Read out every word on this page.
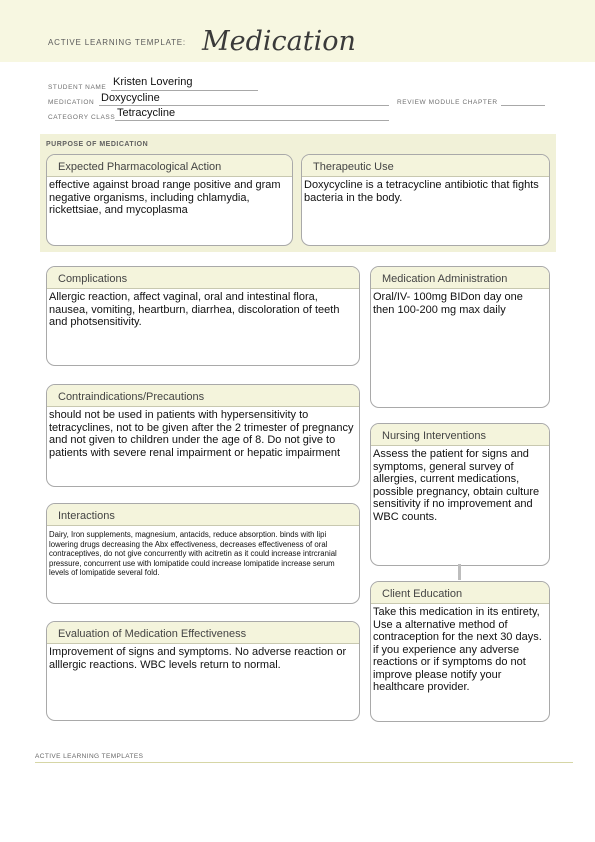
ACTIVE LEARNING TEMPLATE: Medication
STUDENT NAME Kristen Lovering
MEDICATION Doxycycline	REVIEW MODULE CHAPTER
CATEGORY CLASS Tetracycline
PURPOSE OF MEDICATION
Expected Pharmacological Action
effective against broad range positive and gram negative organisms, including chlamydia, rickettsiae, and mycoplasma
Therapeutic Use
Doxycycline is a tetracycline antibiotic that fights bacteria in the body.
Complications
Allergic reaction, affect vaginal, oral and intestinal flora, nausea, vomiting, heartburn, diarrhea, discoloration of teeth and photsensitivity.
Contraindications/Precautions
should not be used in patients with hypersensitivity to tetracyclines, not to be given after the 2 trimester of pregnancy and not given to children under the age of 8. Do not give to patients with severe renal impairment or hepatic impairment
Interactions
Dairy, Iron supplements, magnesium, antacids, reduce absorption. binds with lipi lowering drugs decreasing the Abx effectiveness, decreases effectiveness of oral contraceptives, do not give concurrently with acitretin as it could increase intrcranial pressure, concurrent use with lomipatide could increase lomipatide increase serum levels of lomipatide several fold.
Evaluation of Medication Effectiveness
Improvement of signs and symptoms. No adverse reaction or alllergic reactions. WBC levels return to normal.
Medication Administration
Oral/IV- 100mg BIDon day one then 100-200 mg max daily
Nursing Interventions
Assess the patient for signs and symptoms, general survey of allergies, current medications, possible pregnancy, obtain culture sensitivity if no improvement and WBC counts.
Client Education
Take this medication in its entirety, Use a alternative method of contraception for the next 30 days. if you experience any adverse reactions or if symptoms do not improve please notify your healthcare provider.
ACTIVE LEARNING TEMPLATES
